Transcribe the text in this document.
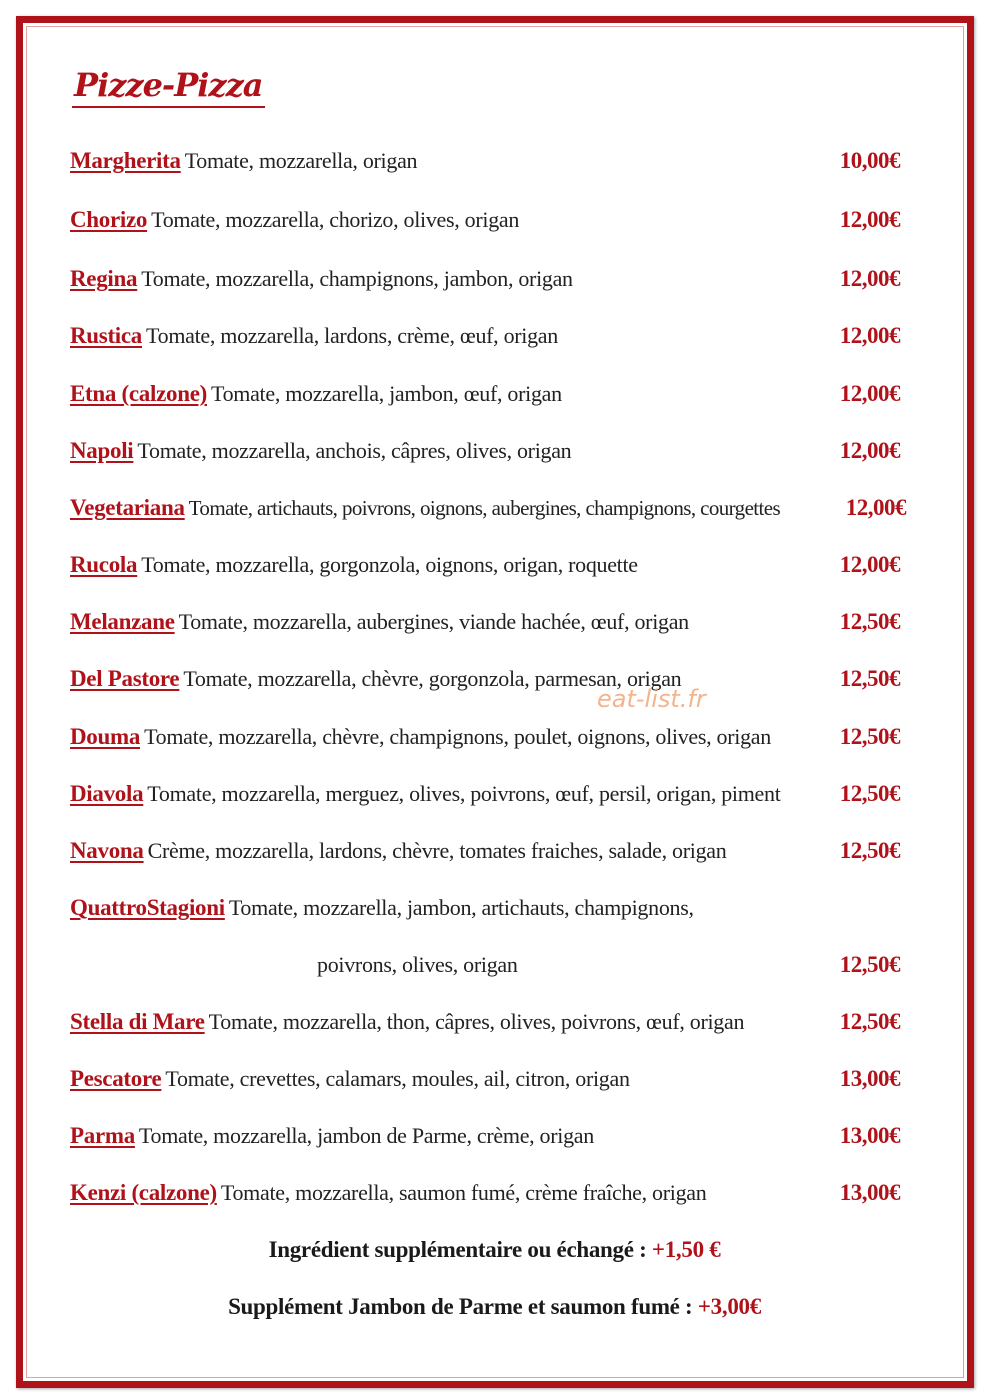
Pizze-Pizza
Margherita Tomate, mozzarella, origan	10,00€
Chorizo Tomate, mozzarella, chorizo, olives, origan	12,00€
Regina Tomate, mozzarella, champignons, jambon, origan	12,00€
Rustica Tomate, mozzarella, lardons, crème, œuf, origan	12,00€
Etna (calzone) Tomate, mozzarella, jambon, œuf, origan	12,00€
Napoli Tomate, mozzarella, anchois, câpres, olives, origan	12,00€
Vegetariana Tomate, artichauts, poivrons, oignons, aubergines, champignons, courgettes	12,00€
Rucola Tomate, mozzarella, gorgonzola, oignons, origan, roquette	12,00€
Melanzane Tomate, mozzarella, aubergines, viande hachée, œuf, origan	12,50€
Del Pastore Tomate, mozzarella, chèvre, gorgonzola, parmesan, origan	12,50€
Douma Tomate, mozzarella, chèvre, champignons, poulet, oignons, olives, origan	12,50€
Diavola Tomate, mozzarella, merguez, olives, poivrons, œuf, persil, origan, piment	12,50€
Navona Crème, mozzarella, lardons, chèvre, tomates fraiches, salade, origan	12,50€
QuattroStagioni Tomate, mozzarella, jambon, artichauts, champignons,
poivrons, olives, origan	12,50€
Stella di Mare Tomate, mozzarella, thon, câpres, olives, poivrons, œuf, origan	12,50€
Pescatore Tomate, crevettes, calamars, moules, ail, citron, origan	13,00€
Parma Tomate, mozzarella, jambon de Parme, crème, origan	13,00€
Kenzi (calzone) Tomate, mozzarella, saumon fumé, crème fraîche, origan	13,00€
Ingrédient supplémentaire ou échangé : +1,50 €
Supplément Jambon de Parme et saumon fumé : +3,00€
eat-list.fr
